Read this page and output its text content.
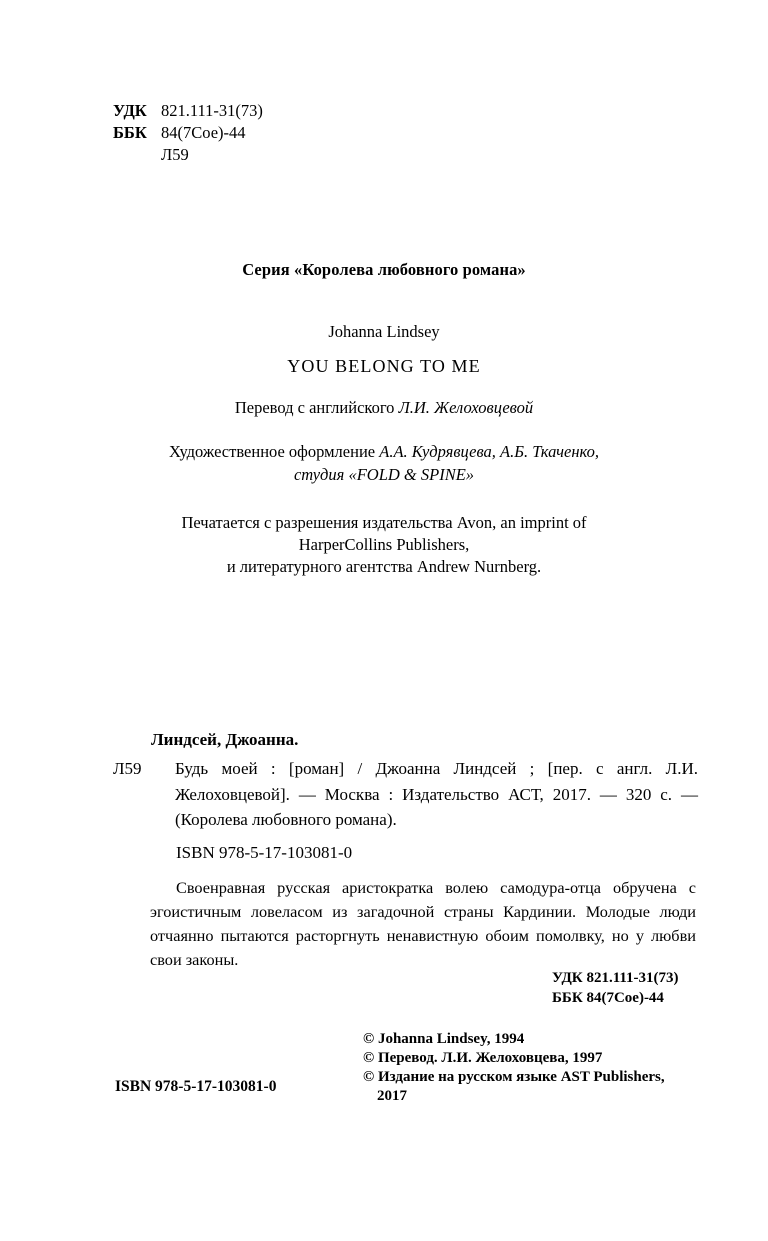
УДК 821.111-31(73)
ББК 84(7Сое)-44
Л59
Серия «Королева любовного романа»
Johanna Lindsey
YOU BELONG TO ME
Перевод с английского Л.И. Желоховцевой
Художественное оформление А.А. Кудрявцева, А.Б. Ткаченко,
студия «FOLD & SPINE»
Печатается с разрешения издательства Avon, an imprint of
HarperCollins Publishers,
и литературного агентства Andrew Nurnberg.
Линдсей, Джоанна.
Л59 Будь моей : [роман] / Джоанна Линдсей ; [пер. с англ. Л.И. Желоховцевой]. — Москва : Издательство АСТ, 2017. — 320 с. — (Королева любовного романа).
ISBN 978-5-17-103081-0
Своенравная русская аристократка волею самодура-отца обручена с эгоистичным ловеласом из загадочной страны Кардинии. Молодые люди отчаянно пытаются расторгнуть ненавистную обоим помолвку, но у любви свои законы.
УДК 821.111-31(73)
ББК 84(7Сое)-44
© Johanna Lindsey, 1994
© Перевод. Л.И. Желоховцева, 1997
© Издание на русском языке AST Publishers,
2017
ISBN 978-5-17-103081-0
